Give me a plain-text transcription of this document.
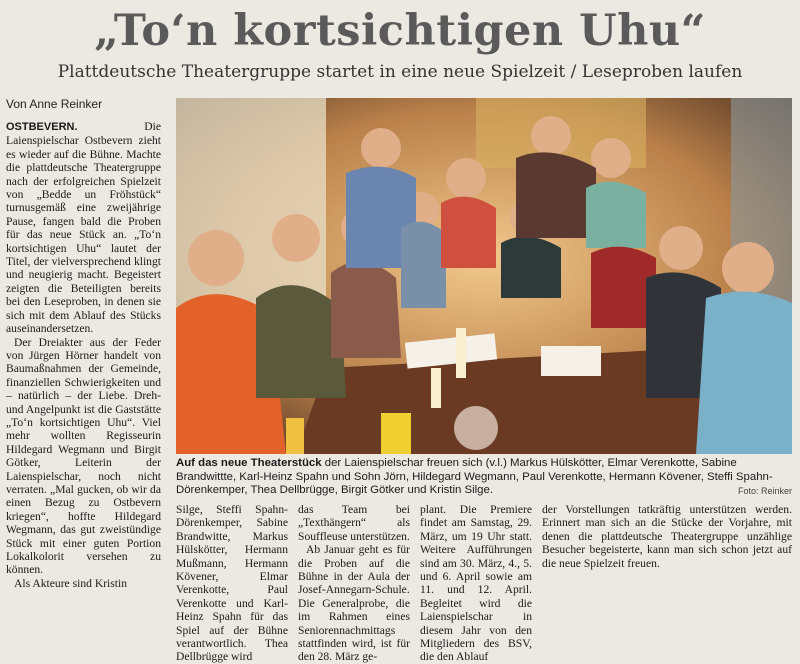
„To‘n kortsichtigen Uhu“
Plattdeutsche Theatergruppe startet in eine neue Spielzeit / Leseproben laufen
Von Anne Reinker

OSTBEVERN.	Die Laienspielschar Ostbevern zieht es wieder auf die Bühne. Machte die plattdeutsche Theatergruppe nach der erfolgreichen Spielzeit von „Bedde un Fröhstück“ turnusgemäß eine zweijährige Pause, fangen bald die Proben für das neue Stück an. „To‘n kortsichtigen Uhu“ lautet der Titel, der vielversprechend klingt und neugierig macht. Begeistert zeigten die Beteiligten bereits bei den Leseproben, in denen sie sich mit dem Ablauf des Stücks auseinandersetzen.

Der Dreiakter aus der Feder von Jürgen Hörner handelt von Baumaßnahmen der Gemeinde, finanziellen Schwierigkeiten und – natürlich – der Liebe. Dreh- und Angelpunkt ist die Gaststätte „To‘n kortsichtigen Uhu“. Viel mehr wollten Regisseurin Hildegard Wegmann und Birgit Götker, Leiterin der Laienspielschar, noch nicht verraten. „Mal gucken, ob wir da einen Bezug zu Ostbevern kriegen“, hoffte Hildegard Wegmann, das gut zweistündige Stück mit einer guten Portion Lokalkolorit versehen zu können.

Als Akteure sind Kristin

Auf das neue Theaterstück der Laienspielschar freuen sich (v.l.) Markus Hülskötter, Elmar Verenkotte, Sabine Brandwittte, Karl-Heinz Spahn und Sohn Jörn, Hildegard Wegmann, Paul Verenkotte, Hermann Kövener, Steffi Spahn-Dörenkemper, Thea Dellbrügge, Birgit Götker und Kristin Silge.	Foto: Reinker

Silge, Steffi Spahn-Dörenkemper, Sabine Brandwitte, Markus Hülskötter, Hermann Mußmann, Hermann Kövener, Elmar Verenkotte, Paul Verenkotte und Karl-Heinz Spahn für das Spiel auf der Bühne verantwortlich. Thea Dellbrügge wird

das Team bei „Texthängern“ als Souffleuse unterstützen.

Ab Januar geht es für die Proben auf die Bühne in der Aula der Josef-Annegarn-Schule. Die Generalprobe, die im Rahmen eines Seniorennachmittags stattfinden wird, ist für den 28. März ge-

plant. Die Premiere findet am Samstag, 29. März, um 19 Uhr statt. Weitere Aufführungen sind am 30. März, 4., 5. und 6. April sowie am 11. und 12. April. Begleitet wird die Laienspielschar in diesem Jahr von den Mitgliedern des BSV, die den Ablauf

der Vorstellungen tatkräftig unterstützen werden. Erinnert man sich an die Stücke der Vorjahre, mit denen die plattdeutsche Theatergruppe unzählige Besucher begeisterte, kann man sich schon jetzt auf die neue Spielzeit freuen.
